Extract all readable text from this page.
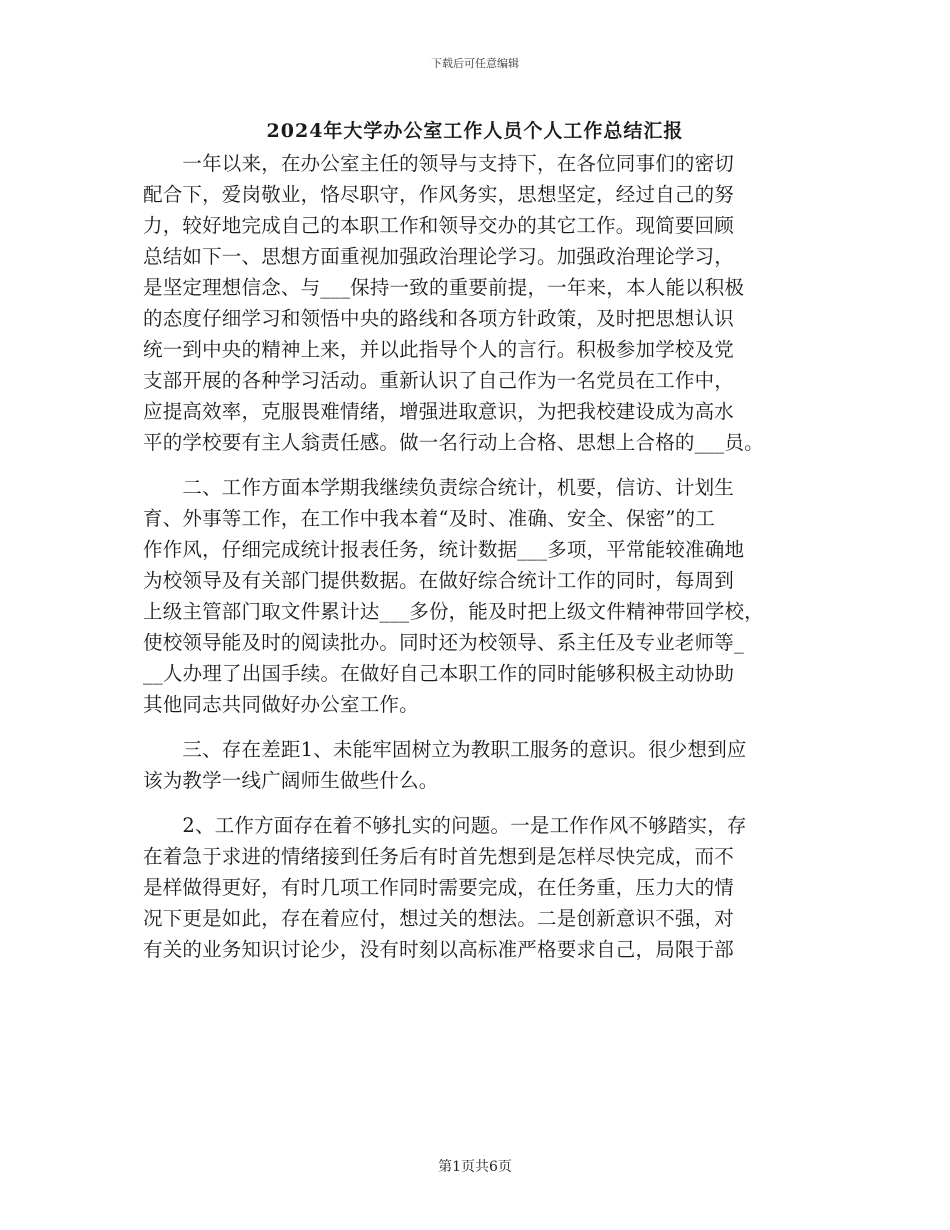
下载后可任意编辑
2024年大学办公室工作人员个人工作总结汇报
　　一年以来，在办公室主任的领导与支持下，在各位同事们的密切
配合下，爱岗敬业，恪尽职守，作风务实，思想坚定，经过自己的努
力，较好地完成自己的本职工作和领导交办的其它工作。现简要回顾
总结如下一、思想方面重视加强政治理论学习。加强政治理论学习，
是坚定理想信念、与___保持一致的重要前提，一年来，本人能以积极
的态度仔细学习和领悟中央的路线和各项方针政策，及时把思想认识
统一到中央的精神上来，并以此指导个人的言行。积极参加学校及党
支部开展的各种学习活动。重新认识了自己作为一名党员在工作中，
应提高效率，克服畏难情绪，增强进取意识，为把我校建设成为高水
平的学校要有主人翁责任感。做一名行动上合格、思想上合格的___员。
　　二、工作方面本学期我继续负责综合统计，机要，信访、计划生
育、外事等工作，在工作中我本着“及时、准确、安全、保密”的工
作作风，仔细完成统计报表任务，统计数据___多项，平常能较准确地
为校领导及有关部门提供数据。在做好综合统计工作的同时，每周到
上级主管部门取文件累计达___多份，能及时把上级文件精神带回学校，
使校领导能及时的阅读批办。同时还为校领导、系主任及专业老师等_
__人办理了出国手续。在做好自己本职工作的同时能够积极主动协助
其他同志共同做好办公室工作。
　　三、存在差距1、未能牢固树立为教职工服务的意识。很少想到应
该为教学一线广阔师生做些什么。
　　2、工作方面存在着不够扎实的问题。一是工作作风不够踏实，存
在着急于求进的情绪接到任务后有时首先想到是怎样尽快完成，而不
是样做得更好，有时几项工作同时需要完成，在任务重，压力大的情
况下更是如此，存在着应付，想过关的想法。二是创新意识不强，对
有关的业务知识讨论少，没有时刻以高标准严格要求自己，局限于部
第1页共6页
